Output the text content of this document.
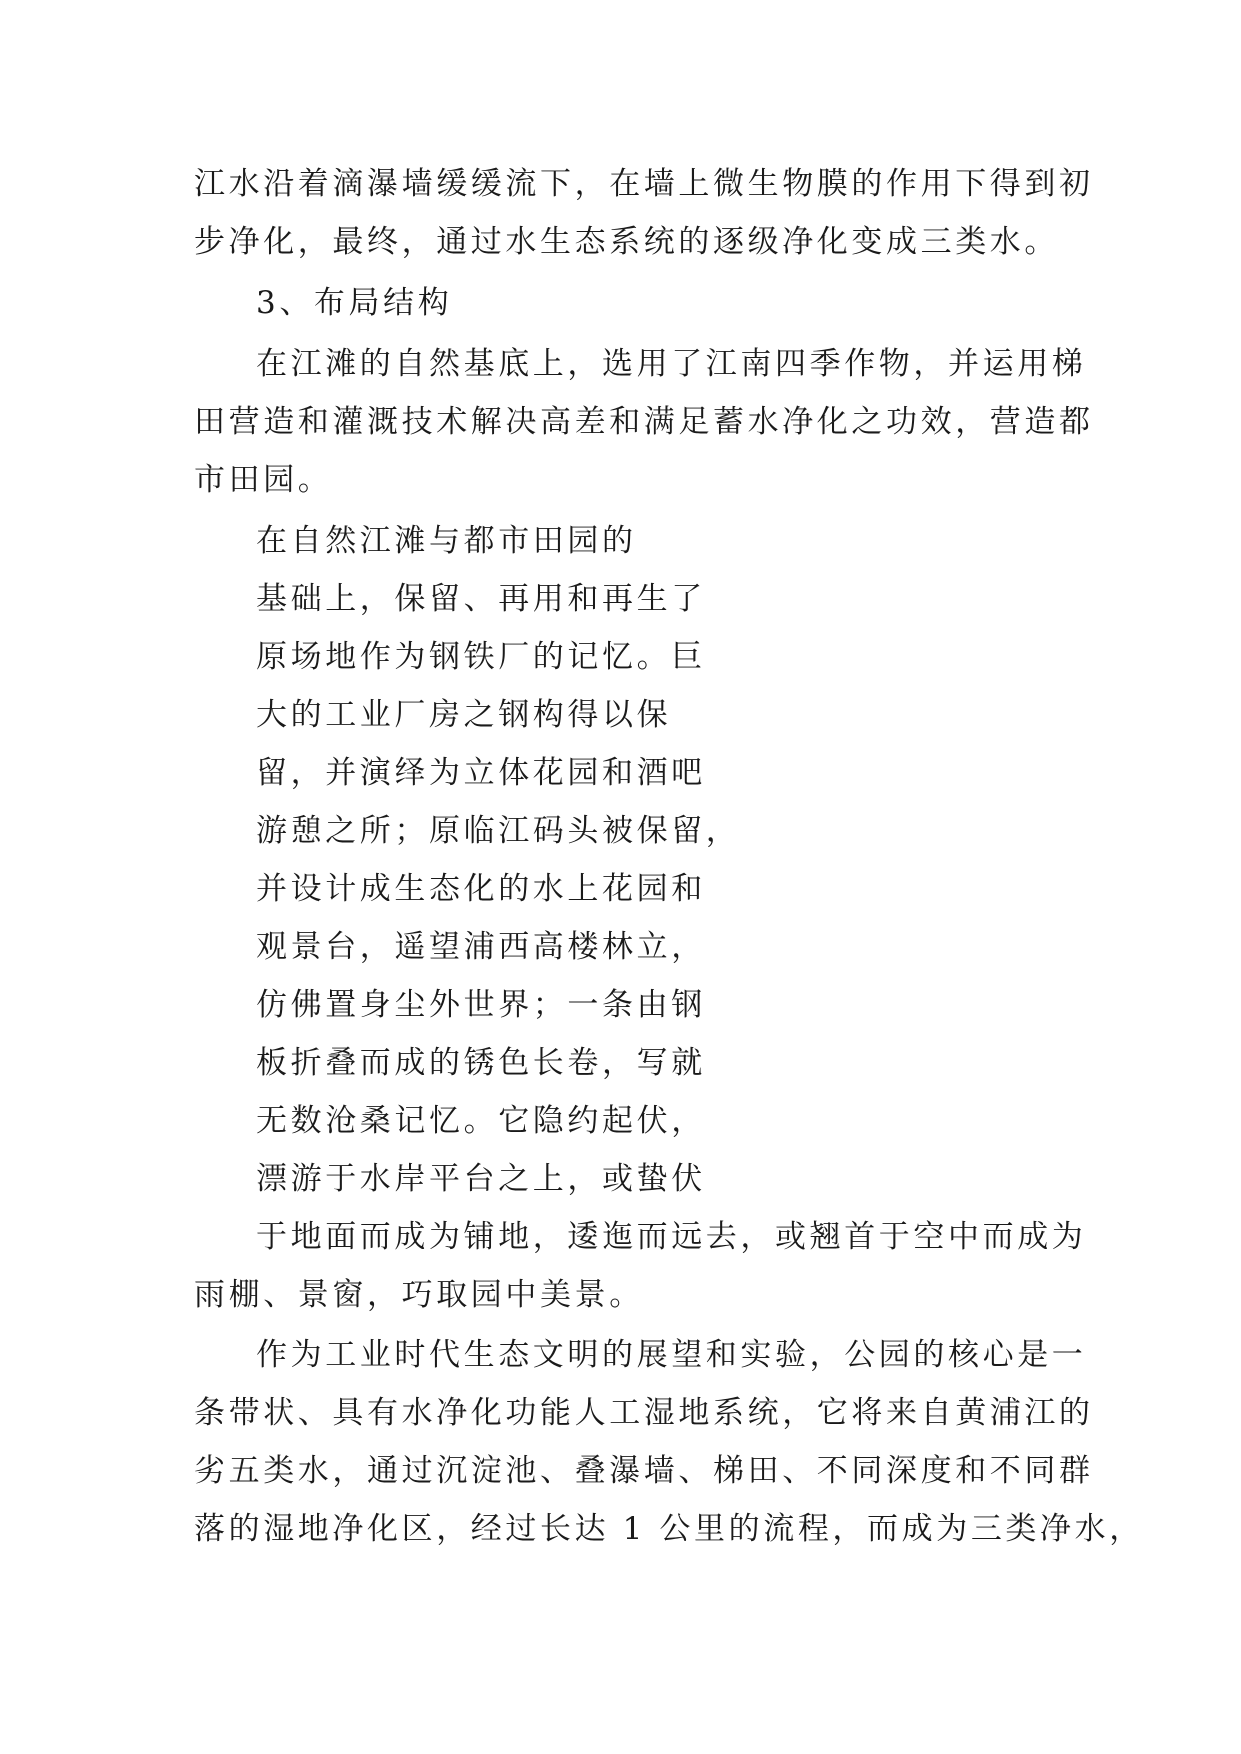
江水沿着滴瀑墙缓缓流下，在墙上微生物膜的作用下得到初
步净化，最终，通过水生态系统的逐级净化变成三类水。
3、布局结构
在江滩的自然基底上，选用了江南四季作物，并运用梯
田营造和灌溉技术解决高差和满足蓄水净化之功效，营造都
市田园。
在自然江滩与都市田园的
基础上，保留、再用和再生了
原场地作为钢铁厂的记忆。巨
大的工业厂房之钢构得以保
留，并演绎为立体花园和酒吧
游憩之所；原临江码头被保留，
并设计成生态化的水上花园和
观景台，遥望浦西高楼林立，
仿佛置身尘外世界；一条由钢
板折叠而成的锈色长卷，写就
无数沧桑记忆。它隐约起伏，
漂游于水岸平台之上，或蛰伏
于地面而成为铺地，逶迤而远去，或翘首于空中而成为
雨棚、景窗，巧取园中美景。
作为工业时代生态文明的展望和实验，公园的核心是一
条带状、具有水净化功能人工湿地系统，它将来自黄浦江的
劣五类水，通过沉淀池、叠瀑墙、梯田、不同深度和不同群
落的湿地净化区，经过长达 1 公里的流程，而成为三类净水，
